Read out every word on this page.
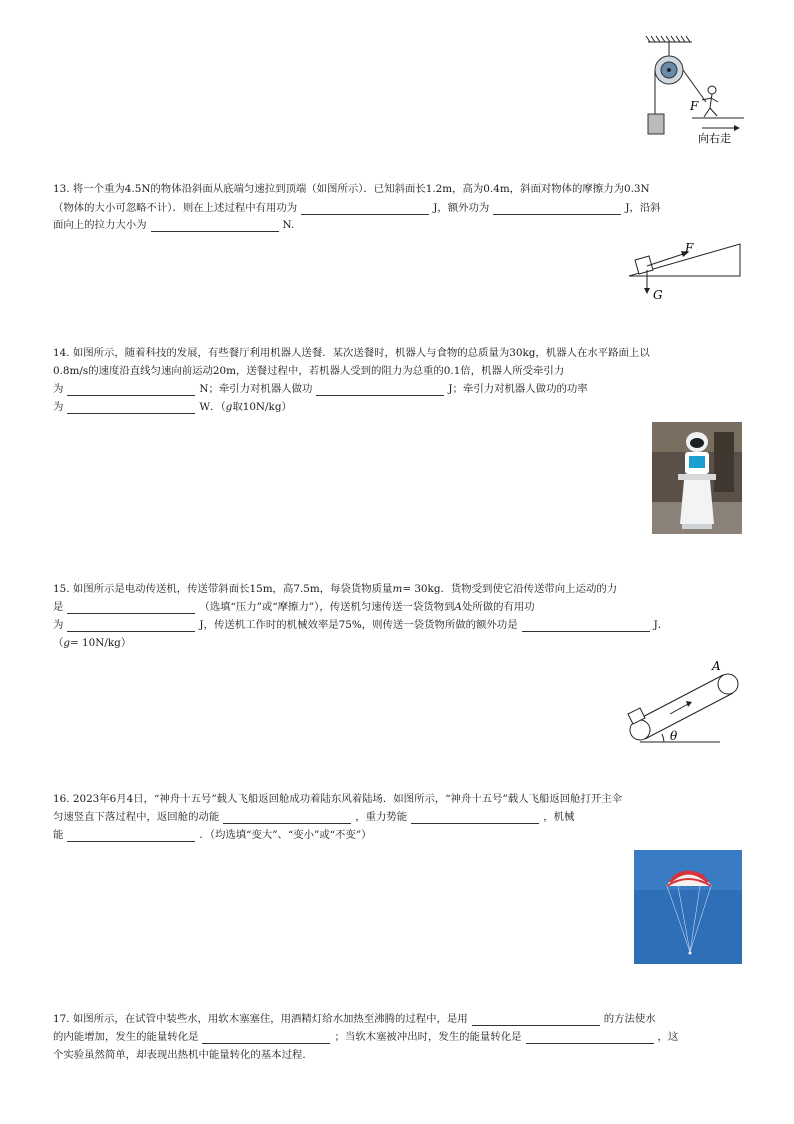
F
向右走
13. 将一个重为4.5N的物体沿斜面从底端匀速拉到顶端（如图所示）．已知斜面长1.2m，高为0.4m，斜面对物体的摩擦力为0.3N
（物体的大小可忽略不计）．则在上述过程中有用功为	J，额外功为	J，沿斜
面向上的拉力大小为	N.
F
G
14. 如图所示，随着科技的发展，有些餐厅利用机器人送餐．某次送餐时，机器人与食物的总质量为30kg，机器人在水平路面上以
0.8m/s的速度沿直线匀速向前运动20m，送餐过程中，若机器人受到的阻力为总重的0.1倍，机器人所受牵引力
为	N；牵引力对机器人做功	J；牵引力对机器人做功的功率
为	W．（g取10N/kg）
15. 如图所示是电动传送机，传送带斜面长15m，高7.5m，每袋货物质量m= 30kg．货物受到使它沿传送带向上运动的力
是	（选填“压力”或“摩擦力”），传送机匀速传送一袋货物到A处所做的有用功
为	J，传送机工作时的机械效率是75%，则传送一袋货物所做的额外功是	J．
（g= 10N/kg）
A
θ
16. 2023年6月4日，“神舟十五号”载人飞船返回舱成功着陆东风着陆场．如图所示，“神舟十五号”载人飞船返回舱打开主伞
匀速竖直下落过程中，返回舱的动能	，重力势能	，机械
能	．（均选填“变大”、“变小”或“不变”）
17. 如图所示，在试管中装些水，用软木塞塞住，用酒精灯给水加热至沸腾的过程中，是用	的方法使水
的内能增加，发生的能量转化是	；当软木塞被冲出时，发生的能量转化是	，这
个实验虽然简单，却表现出热机中能量转化的基本过程．
